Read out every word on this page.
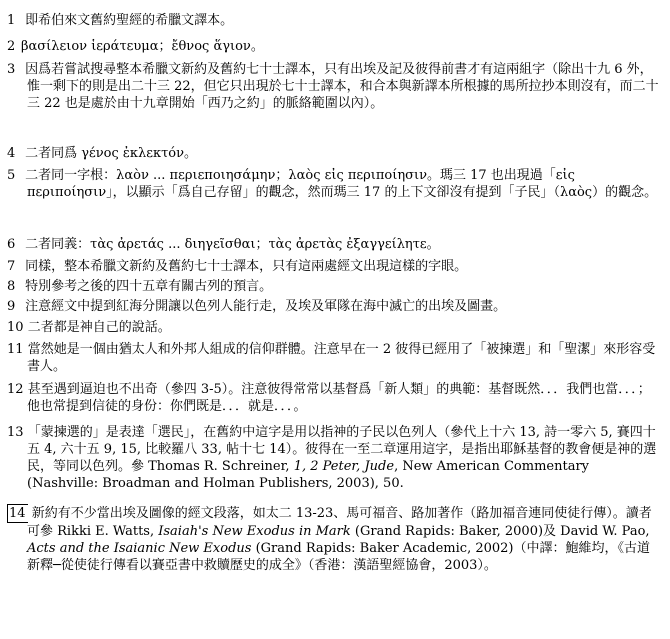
1 即希伯來文舊約聖經的希臘文譯本。
2 βασίλειον ἱεράτευμα；ἔθνος ἅγιον。
3 因爲若嘗試搜尋整本希臘文新約及舊約七十士譯本，只有出埃及記及彼得前書才有這兩組字（除出十九 6 外，惟一剩下的則是出二十三 22，但它只出現於七十士譯本，和合本與新譯本所根據的馬所拉抄本則沒有，而二十三 22 也是處於由十九章開始「西乃之約」的脈絡範圍以內）。
4 二者同爲 γένος ἐκλεκτόν。
5 二者同一字根：λαὸν ... περιεποιησάμην；λαὸς εἰς περιποίησιν。瑪三 17 也出現過「εἰς περιποίησιν」，以顯示「爲自己存留」的觀念，然而瑪三 17 的上下文卻沒有提到「子民」（λαὸς）的觀念。
6 二者同義：τὰς ἀρετάς ... διηγεῖσθαι；τὰς ἀρετὰς ἐξαγγείλητε。
7 同樣，整本希臘文新約及舊約七十士譯本，只有這兩處經文出現這樣的字眼。
8 特別參考之後的四十五章有關古列的預言。
9 注意經文中提到紅海分開讓以色列人能行走，及埃及軍隊在海中滅亡的出埃及圖畫。
10 二者都是神自己的說話。
11 當然她是一個由猶太人和外邦人組成的信仰群體。注意早在一 2 彼得已經用了「被揀選」和「聖潔」來形容受書人。
12 甚至遇到逼迫也不出奇（參四 3-5）。注意彼得常常以基督爲「新人類」的典範：基督既然．．．我們也當．．．；他也常提到信徒的身份：你們既是．．．就是．．．。
13 「蒙揀選的」是表達「選民」，在舊約中這字是用以指神的子民以色列人（參代上十六 13, 詩一零六 5, 賽四十五 4, 六十五 9, 15, 比較羅八 33, 帖十七 14）。彼得在一至二章運用這字，是指出耶穌基督的教會便是神的選民，等同以色列。參 Thomas R. Schreiner, 1, 2 Peter, Jude, New American Commentary (Nashville: Broadman and Holman Publishers, 2003), 50.
14 新約有不少當出埃及圖像的經文段落，如太二 13-23、馬可福音、路加著作（路加福音連同使徒行傳）。讀者可參 Rikki E. Watts, Isaiah's New Exodus in Mark (Grand Rapids: Baker, 2000)及 David W. Pao, Acts and the Isaianic New Exodus (Grand Rapids: Baker Academic, 2002)（中譯：鮑維均，《古道新釋─從使徒行傳看以賽亞書中救贖歷史的成全》（香港：漢語聖經協會，2003）。
